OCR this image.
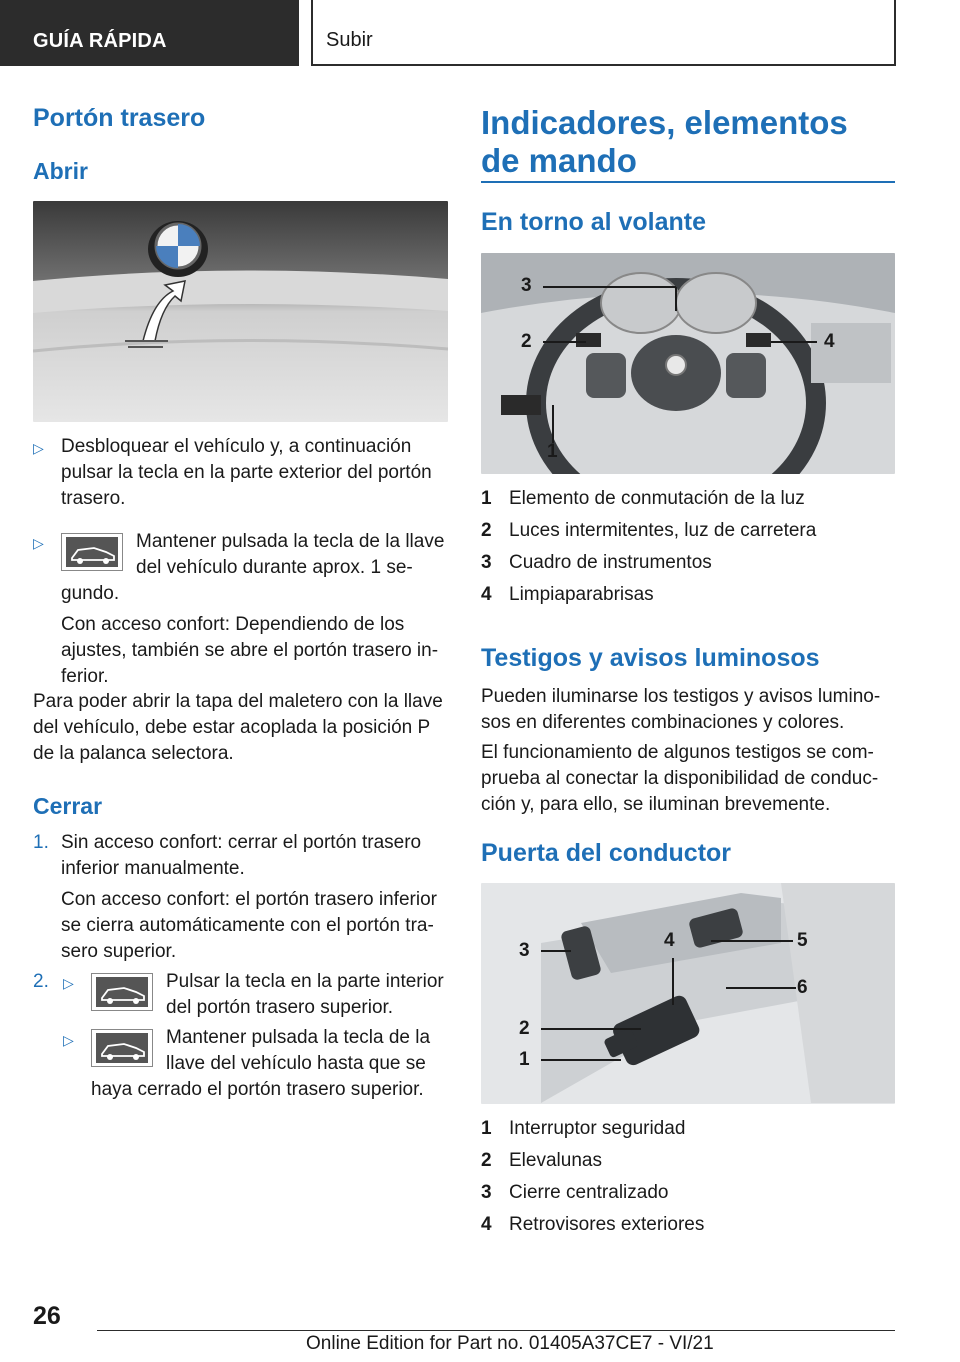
GUÍA RÁPIDA	Subir
Portón trasero
Abrir
▷ Desbloquear el vehículo y, a continuación pulsar la tecla en la parte exterior del portón trasero.
▷	Mantener pulsada la tecla de la llave
del vehículo durante aprox. 1 se-
gundo.
Con acceso confort: Dependiendo de los ajustes, también se abre el portón trasero in-ferior.
Para poder abrir la tapa del maletero con la llave del vehículo, debe estar acoplada la posición P de la palanca selectora.
Cerrar
1. Sin acceso confort: cerrar el portón trasero inferior manualmente.
Con acceso confort: el portón trasero inferior se cierra automáticamente con el portón tra-sero superior.
2. ▷	Pulsar la tecla en la parte interior
del portón trasero superior.
▷	Mantener pulsada la tecla de la
llave del vehículo hasta que se
haya cerrado el portón trasero superior.
Indicadores, elementos de mando
En torno al volante
3
2	4
1
1 Elemento de conmutación de la luz
2 Luces intermitentes, luz de carretera
3 Cuadro de instrumentos
4 Limpiaparabrisas
Testigos y avisos luminosos
Pueden iluminarse los testigos y avisos lumino-sos en diferentes combinaciones y colores.
El funcionamiento de algunos testigos se com-prueba al conectar la disponibilidad de conduc-ción y, para ello, se iluminan brevemente.
Puerta del conductor
3	4	5
6
2
1
1 Interruptor seguridad
2 Elevalunas
3 Cierre centralizado
4 Retrovisores exteriores
26
Online Edition for Part no. 01405A37CE7 - VI/21
